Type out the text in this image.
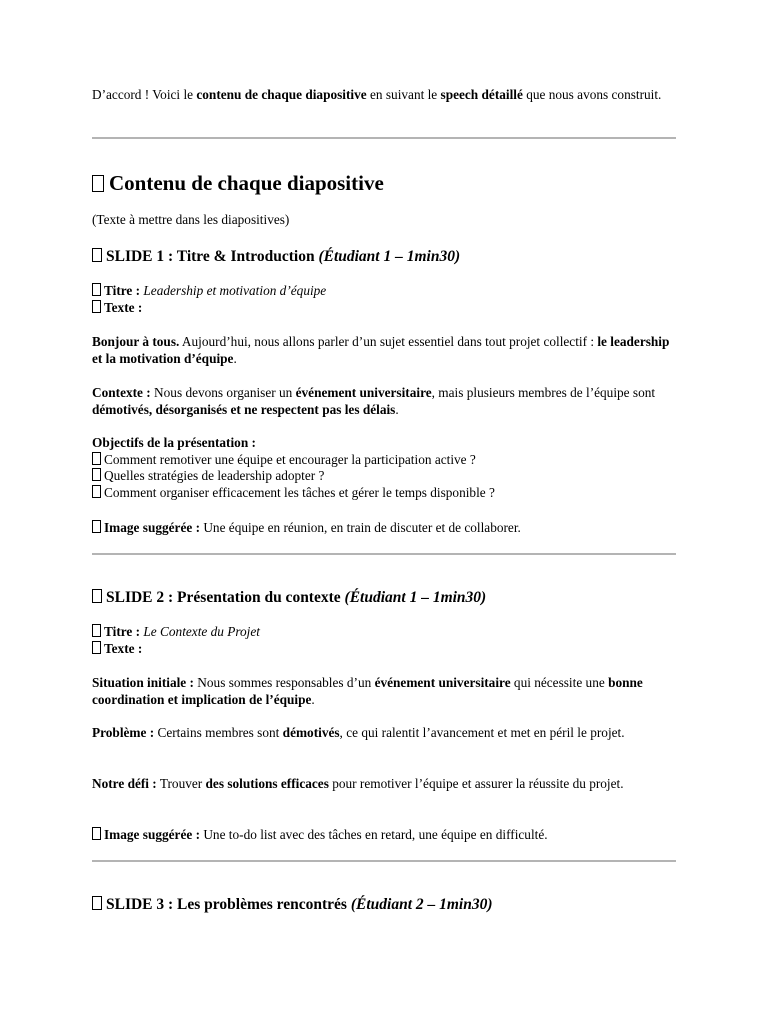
D’accord ! Voici le contenu de chaque diapositive en suivant le speech détaillé que nous avons construit.

Contenu de chaque diapositive

(Texte à mettre dans les diapositives)

SLIDE 1 : Titre & Introduction (Étudiant 1 – 1min30)

Titre : Leadership et motivation d’équipe

Texte :

Bonjour à tous. Aujourd’hui, nous allons parler d’un sujet essentiel dans tout projet collectif : le leadership et la motivation d’équipe.

Contexte : Nous devons organiser un événement universitaire, mais plusieurs membres de l’équipe sont démotivés, désorganisés et ne respectent pas les délais.

Objectifs de la présentation :

Comment remotiver une équipe et encourager la participation active ?

Quelles stratégies de leadership adopter ?

Comment organiser efficacement les tâches et gérer le temps disponible ?

Image suggérée : Une équipe en réunion, en train de discuter et de collaborer.

SLIDE 2 : Présentation du contexte (Étudiant 1 – 1min30)

Titre : Le Contexte du Projet

Texte :

Situation initiale : Nous sommes responsables d’un événement universitaire qui nécessite une bonne coordination et implication de l’équipe.

Problème : Certains membres sont démotivés, ce qui ralentit l’avancement et met en péril le projet.

Notre défi : Trouver des solutions efficaces pour remotiver l’équipe et assurer la réussite du projet.

Image suggérée : Une to-do list avec des tâches en retard, une équipe en difficulté.

SLIDE 3 : Les problèmes rencontrés (Étudiant 2 – 1min30)
